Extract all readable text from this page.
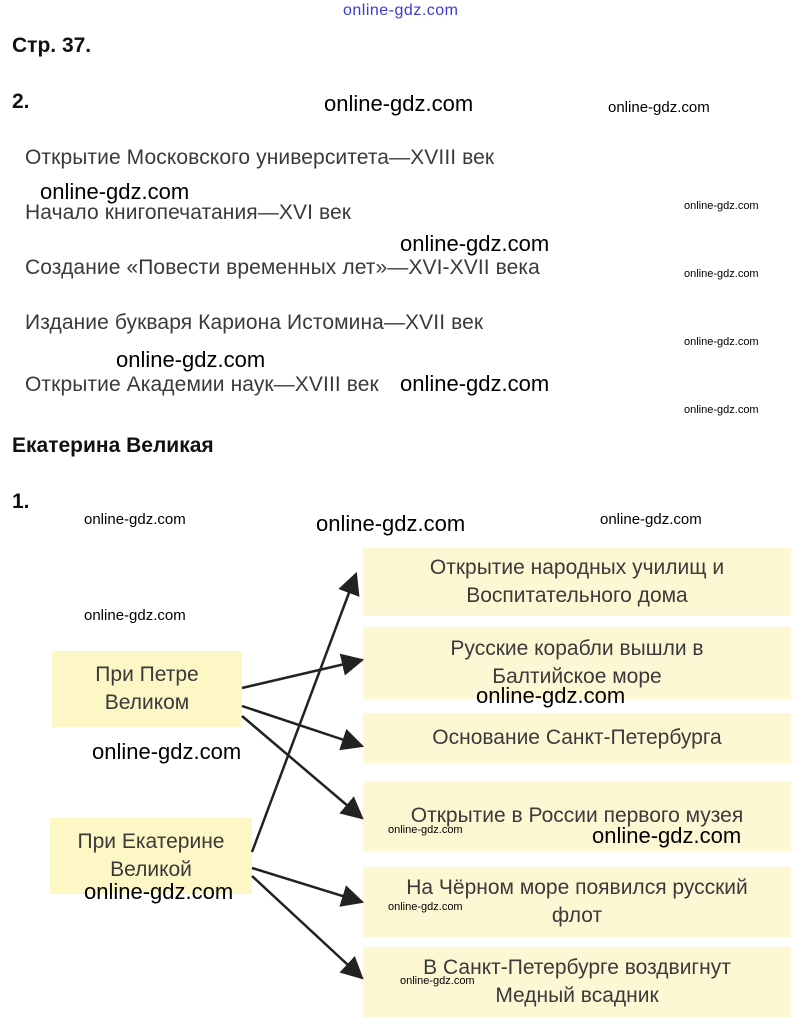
online-gdz.com
Стр. 37.
2.
Открытие Московского университета—XVIII век
Начало книгопечатания—XVI век
Создание «Повести временных лет»—XVI-XVII века
Издание букваря Кариона Истомина—XVII век
Открытие Академии наук—XVIII век
Екатерина Великая
1.
При Петре
Великом
При Екатерине
Великой
Открытие народных училищ и
Воспитательного дома
Русские корабли вышли в
Балтийское море
Основание Санкт-Петербурга
Открытие в России первого музея
На Чёрном море появился русский
флот
В Санкт-Петербурге воздвигнут
Медный всадник
online-gdz.com	online-gdz.com
online-gdz.com
online-gdz.com
online-gdz.com
online-gdz.com
online-gdz.com
online-gdz.com
online-gdz.com
online-gdz.com
online-gdz.com	online-gdz.com	online-gdz.com
online-gdz.com
online-gdz.com
online-gdz.com
online-gdz.com	online-gdz.com
online-gdz.com
online-gdz.com
online-gdz.com
